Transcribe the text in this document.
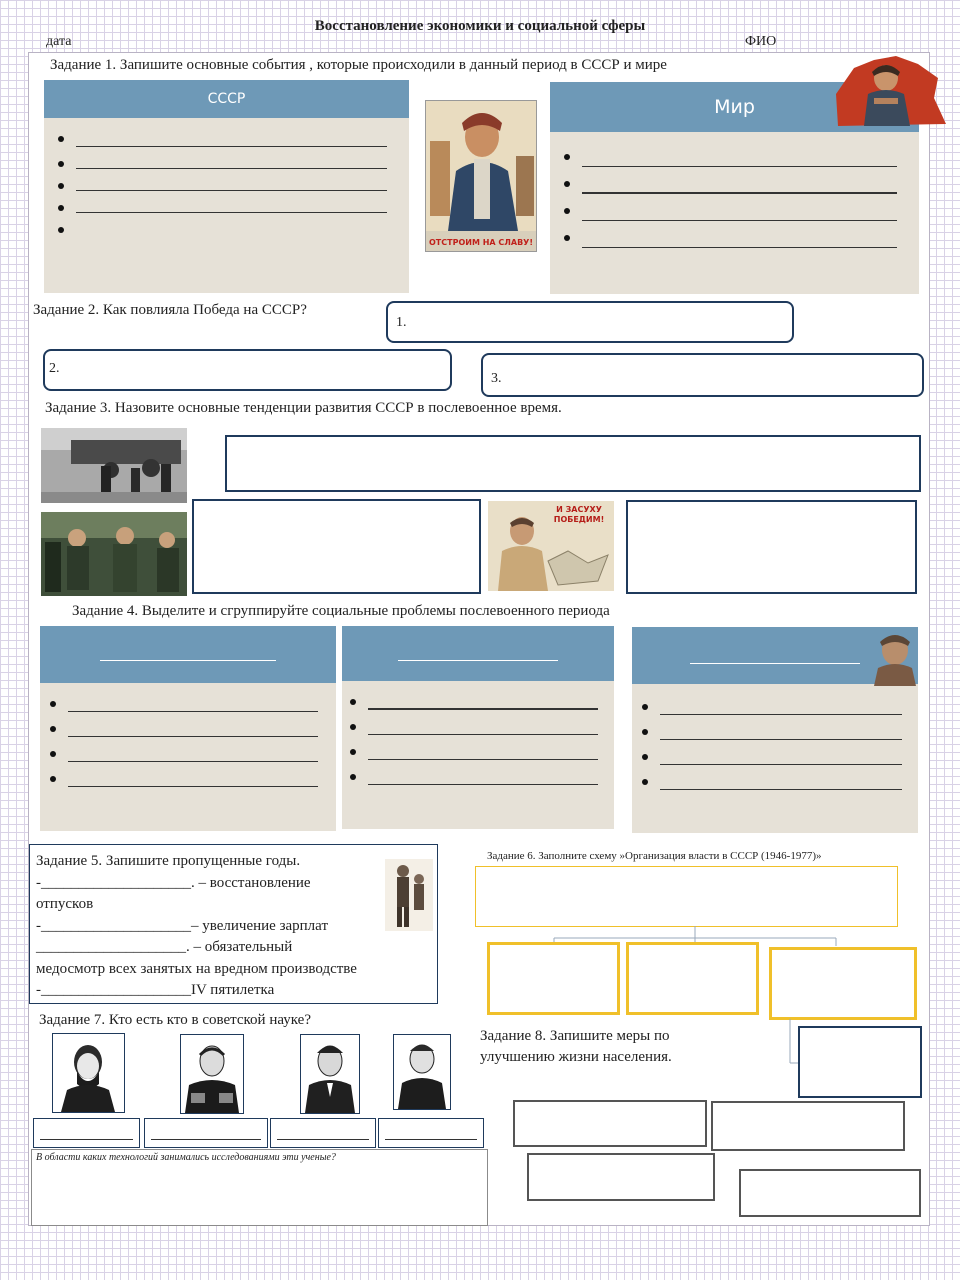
Восстановление экономики и социальной сферы
дата	ФИО
Задание 1. Запишите основные события , которые происходили в данный период в СССР и мире
СССР
ОТСТРОИМ НА СЛАВУ!
Мир
Задание 2. Как повлияла Победа на СССР?
1.
2.
3.
Задание 3. Назовите основные тенденции развития СССР в послевоенное время.
И ЗАСУХУ ПОБЕДИМ!
Задание 4. Выделите и сгруппируйте социальные проблемы послевоенного периода
Задание 5. Запишите пропущенные годы.
-____________________. – восстановление
отпусков
-____________________– увеличение зарплат
____________________. – обязательный
медосмотр всех занятых на вредном производстве
-____________________IV пятилетка
Задание 6. Заполните схему »Организация власти в СССР (1946-1977)»
Задание 7. Кто есть кто в советской науке?
В области каких технологий занимались исследованиями эти ученые?
Задание 8. Запишите меры по улучшению жизни населения.
